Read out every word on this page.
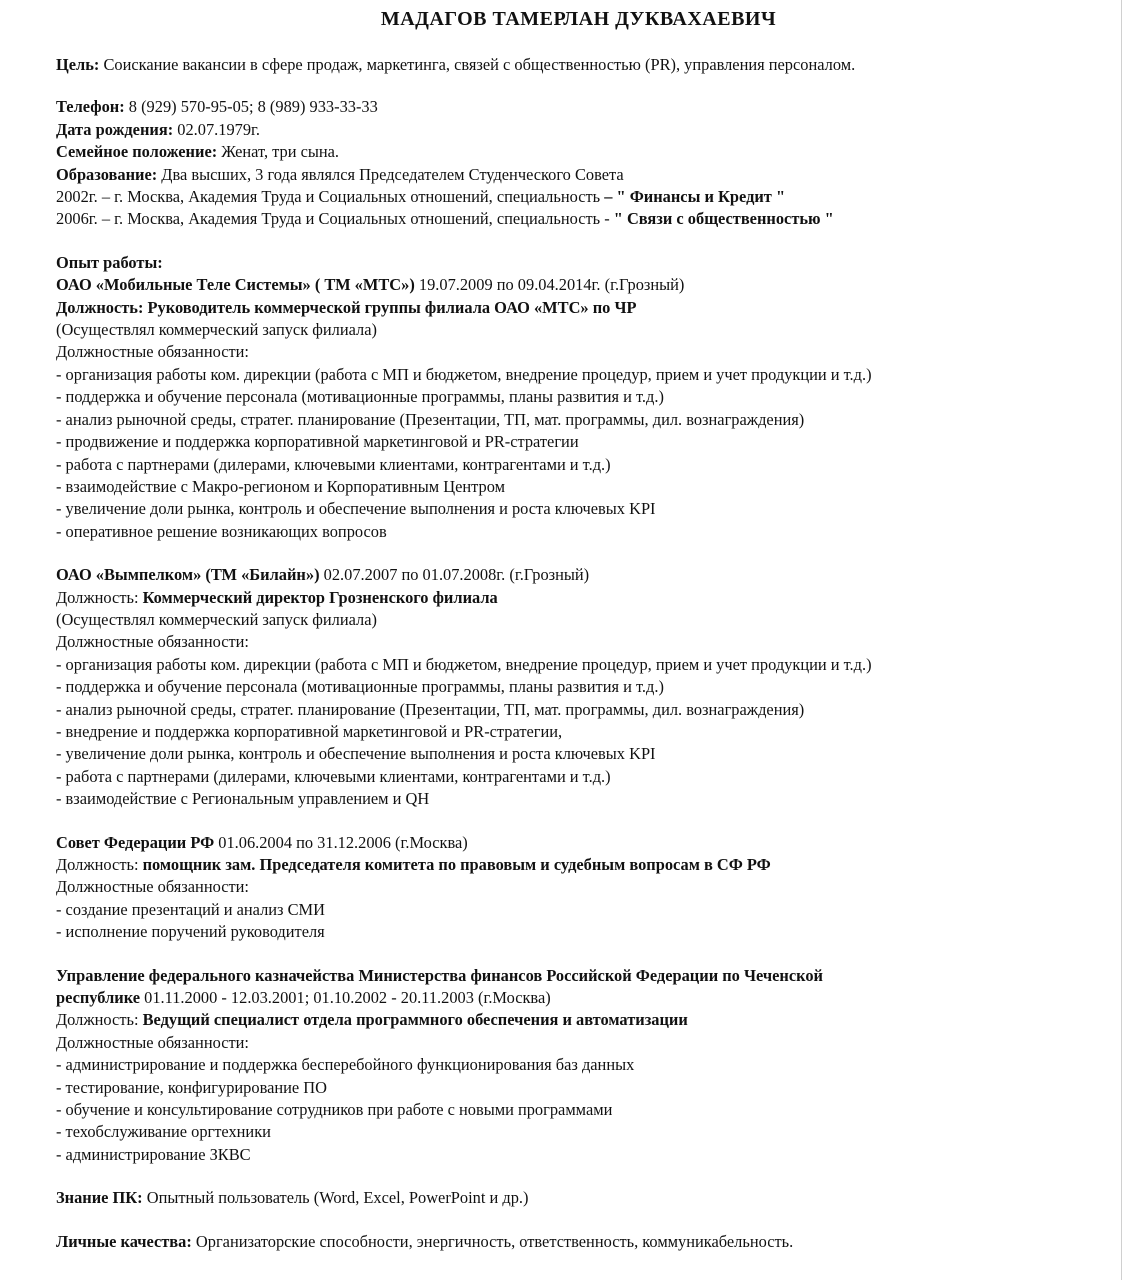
МАДАГОВ ТАМЕРЛАН ДУКВАХАЕВИЧ
Цель: Соискание вакансии в сфере продаж, маркетинга, связей с общественностью (PR), управления персоналом.
Телефон: 8 (929) 570-95-05; 8 (989) 933-33-33
Дата рождения: 02.07.1979г.
Семейное положение: Женат, три сына.
Образование: Два высших, 3 года являлся Председателем Студенческого Совета
2002г. – г. Москва, Академия Труда и Социальных отношений, специальность – " Финансы и Кредит "
2006г. – г. Москва, Академия Труда и Социальных отношений, специальность - " Связи с общественностью "
Опыт работы:
ОАО «Мобильные Теле Системы» ( ТМ «МТС») 19.07.2009 по 09.04.2014г. (г.Грозный)
Должность: Руководитель коммерческой группы филиала ОАО «МТС» по ЧР
(Осуществлял коммерческий запуск филиала)
Должностные обязанности:
- организация работы ком. дирекции (работа с МП и бюджетом, внедрение процедур, прием и учет продукции и т.д.)
- поддержка и обучение персонала (мотивационные программы, планы развития и т.д.)
- анализ рыночной среды, стратег. планирование (Презентации, ТП, мат. программы, дил. вознаграждения)
- продвижение и поддержка корпоративной маркетинговой и PR-стратегии
- работа с партнерами (дилерами, ключевыми клиентами, контрагентами и т.д.)
- взаимодействие с Макро-регионом и Корпоративным Центром
- увеличение доли рынка, контроль и обеспечение выполнения и роста ключевых KPI
- оперативное решение возникающих вопросов
ОАО «Вымпелком» (ТМ «Билайн») 02.07.2007 по 01.07.2008г. (г.Грозный)
Должность: Коммерческий директор Грозненского филиала
(Осуществлял коммерческий запуск филиала)
Должностные обязанности:
- организация работы ком. дирекции (работа с МП и бюджетом, внедрение процедур, прием и учет продукции и т.д.)
- поддержка и обучение персонала (мотивационные программы, планы развития и т.д.)
- анализ рыночной среды, стратег. планирование (Презентации, ТП, мат. программы, дил. вознаграждения)
- внедрение и поддержка корпоративной маркетинговой и PR-стратегии,
- увеличение доли рынка, контроль и обеспечение выполнения и роста ключевых KPI
- работа с партнерами (дилерами, ключевыми клиентами, контрагентами и т.д.)
- взаимодействие с Региональным управлением и QH
Совет Федерации РФ 01.06.2004 по 31.12.2006 (г.Москва)
Должность: помощник зам. Председателя комитета по правовым и судебным вопросам в СФ РФ
Должностные обязанности:
- создание презентаций и анализ СМИ
- исполнение поручений руководителя
Управление федерального казначейства Министерства финансов Российской Федерации по Чеченской
республике 01.11.2000 - 12.03.2001; 01.10.2002 - 20.11.2003 (г.Москва)
Должность: Ведущий специалист отдела программного обеспечения и автоматизации
Должностные обязанности:
- администрирование и поддержка бесперебойного функционирования баз данных
- тестирование, конфигурирование ПО
- обучение и консультирование сотрудников при работе с новыми программами
- техобслуживание оргтехники
- администрирование ЗКВС
Знание ПК: Опытный пользователь (Word, Excel, PowerPoint и др.)
Личные качества: Организаторские способности, энергичность, ответственность, коммуникабельность.
